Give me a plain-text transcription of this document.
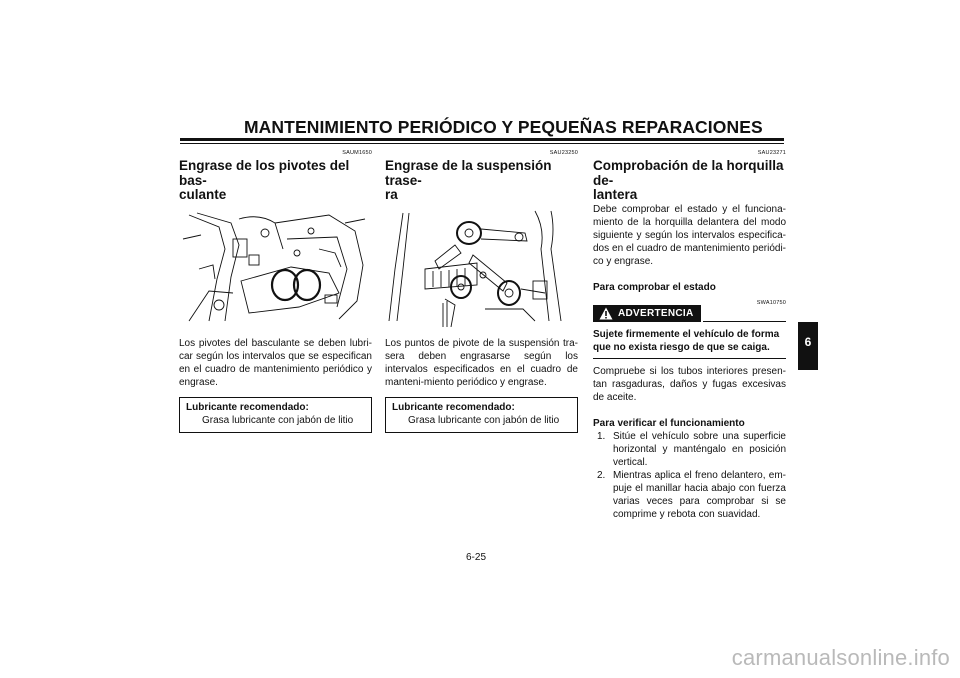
MANTENIMIENTO PERIÓDICO Y PEQUEÑAS REPARACIONES
SAUM1650
Engrase de los pivotes del bas-
culante

Los pivotes del basculante se deben lubri-car según los intervalos que se especifican en el cuadro de mantenimiento periódico y engrase.

Lubricante recomendado:
Grasa lubricante con jabón de litio
SAU23250
Engrase de la suspensión trase-
ra

Los puntos de pivote de la suspensión tra-sera deben engrasarse según los intervalos especificados en el cuadro de manteni-miento periódico y engrase.

Lubricante recomendado:
Grasa lubricante con jabón de litio
SAU23271
Comprobación de la horquilla de-
lantera

Debe comprobar el estado y el funciona-miento de la horquilla delantera del modo siguiente y según los intervalos especifica-dos en el cuadro de mantenimiento periódi-co y engrase.

Para comprobar el estado
SWA10750
ADVERTENCIA
Sujete firmemente el vehículo de forma que no exista riesgo de que se caiga.

Compruebe si los tubos interiores presen-tan rasgaduras, daños y fugas excesivas de aceite.

Para verificar el funcionamiento
1. Sitúe el vehículo sobre una superficie horizontal y manténgalo en posición vertical.
2. Mientras aplica el freno delantero, em-puje el manillar hacia abajo con fuerza varias veces para comprobar si se comprime y rebota con suavidad.
6
6-25
carmanualsonline.info
